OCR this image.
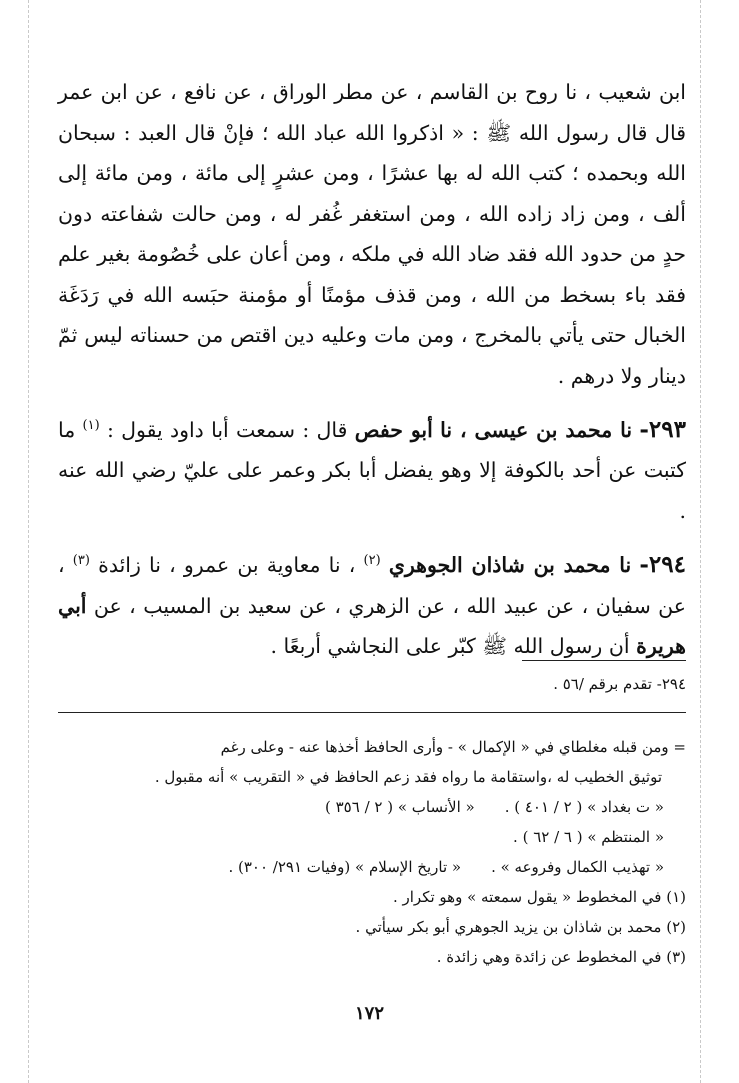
ابن شعيب ، نا روح بن القاسم ، عن مطر الوراق ، عن نافع ، عن ابن عمر قال قال رسول الله ﷺ : « اذكروا الله عباد الله ؛ فإنْ قال العبد : سبحان الله وبحمده ؛ كتب الله له بها عشرًا ، ومن عشرٍ إلى مائة ، ومن مائة إلى ألف ، ومن زاد زاده الله ، ومن استغفر غُفر له ، ومن حالت شفاعته دون حدٍ من حدود الله فقد ضاد الله في ملكه ، ومن أعان على خُصُومة بغير علم فقد باء بسخط من الله ، ومن قذف مؤمنًا أو مؤمنة حبَسه الله في رَدَغَة الخبال حتى يأتي بالمخرج ، ومن مات وعليه دين اقتص من حسناته ليس ثمّ دينار ولا درهم .

٢٩٣- نا محمد بن عيسى ، نا أبو حفص قال : سمعت أبا داود يقول : $^{(١)}$ ما كتبت عن أحد بالكوفة إلا وهو يفضل أبا بكر وعمر على عليّ رضي الله عنه .

٢٩٤- نا محمد بن شاذان الجوهري $^{(٢)}$ ، نا معاوية بن عمرو ، نا زائدة $^{(٣)}$ ، عن سفيان ، عن عبيد الله ، عن الزهري ، عن سعيد بن المسيب ، عن أبي هريرة أن رسول الله ﷺ كبّر على النجاشي أربعًا .

٢٩٤- تقدم برقم /٥٦ .

= ومن قبله مغلطاي في « الإكمال » - وأرى الحافظ أخذها عنه - وعلى رغم

توثيق الخطيب له ،واستقامة ما رواه فقد زعم الحافظ في « التقريب » أنه مقبول .

« ت بغداد » ( ٢ / ٤٠١ ) .
« الأنساب » ( ٢ / ٣٥٦ )
« المنتظم » ( ٦ / ٦٢ ) .
« تهذيب الكمال وفروعه » .
« تاريخ الإسلام » (وفيات ٢٩١/ ٣٠٠) .

(١) في المخطوط « يقول سمعته » وهو تكرار .

(٢) محمد بن شاذان بن يزيد الجوهري أبو بكر سيأتي .

(٣) في المخطوط عن زائدة وهي زائدة .

١٧٢
